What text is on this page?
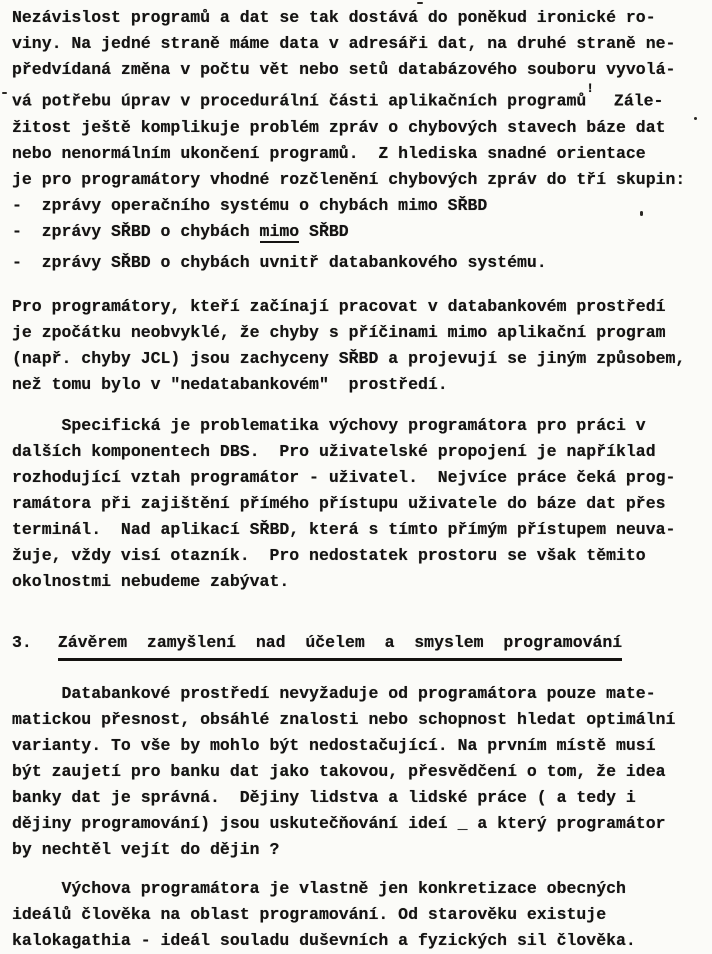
Nezávislost programů a dat se tak dostává do poněkud ironické ro-
viny. Na jedné straně máme data v adresáři dat, na druhé straně ne-
předvídaná změna v počtu vět nebo setů databázového souboru vyvolá-
vá potřebu úprav v procedurální části aplikačních programů!  Zále-
žitost ještě komplikuje problém zpráv o chybových stavech báze dat
nebo nenormálním ukončení programů.  Z hlediska snadné orientace
je pro programátory vhodné rozčlenění chybových zpráv do tří skupin:
-  zprávy operačního systému o chybách mimo SŘBD
-  zprávy SŘBD o chybách mimo SŘBD
-  zprávy SŘBD o chybách uvnitř databankového systému.
Pro programátory, kteří začínají pracovat v databankovém prostředí
je zpočátku neobvyklé, že chyby s příčinami mimo aplikační program
(např. chyby JCL) jsou zachyceny SŘBD a projevují se jiným způsobem,
než tomu bylo v "nedatabankovém"  prostředí.
Specifická je problematika výchovy programátora pro práci v
dalších komponentech DBS.  Pro uživatelské propojení je například
rozhodující vztah programátor - uživatel.  Nejvíce práce čeká prog-
ramátora při zajištění přímého přístupu uživatele do báze dat přes
terminál.  Nad aplikací SŘBD, která s tímto přímým přístupem neuva-
žuje, vždy visí otazník.  Pro nedostatek prostoru se však těmito
okolnostmi nebudeme zabývat.
3. Závěrem  zamyšlení  nad  účelem  a  smyslem  programování
Databankové prostředí nevyžaduje od programátora pouze mate-
matickou přesnost, obsáhlé znalosti nebo schopnost hledat optimální
varianty. To vše by mohlo být nedostačující. Na prvním místě musí
být zaujetí pro banku dat jako takovou, přesvědčení o tom, že idea
banky dat je správná.  Dějiny lidstva a lidské práce ( a tedy i
dějiny programování) jsou uskutečňování ideí _ a který programátor
by nechtěl vejít do dějin ?
Výchova programátora je vlastně jen konkretizace obecných
ideálů člověka na oblast programování. Od starověku existuje
kalokagathia - ideál souladu duševních a fyzických sil člověka.
